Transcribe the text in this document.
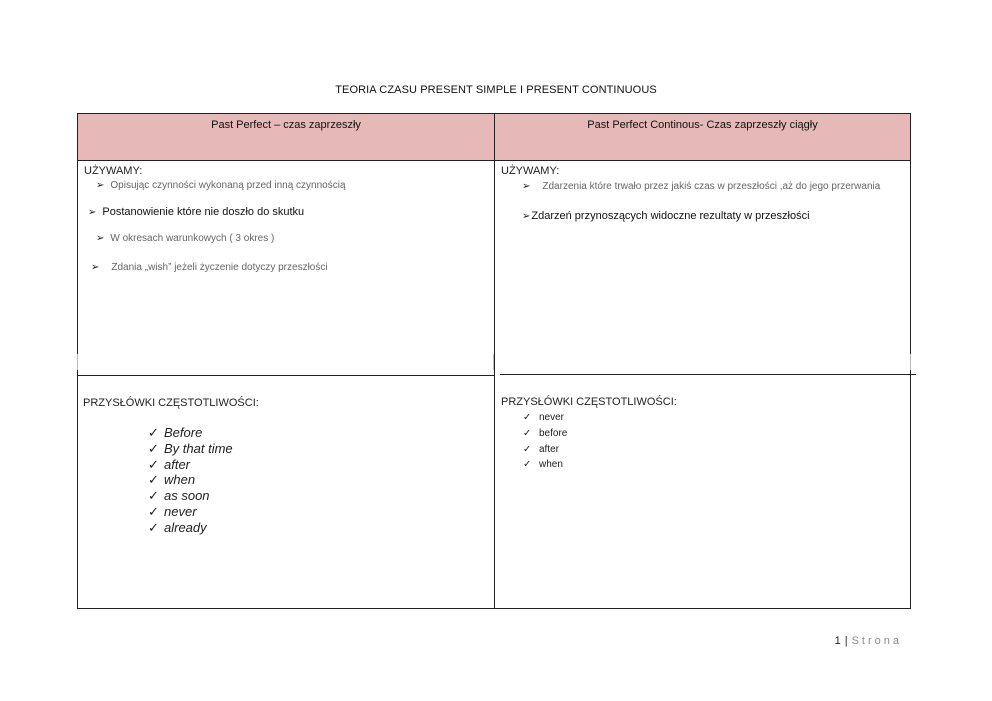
TEORIA CZASU PRESENT SIMPLE I PRESENT CONTINUOUS
Past Perfect – czas zaprzeszły	Past Perfect Continous- Czas zaprzeszły ciągły
UŻYWAMY:
➢ Opisując czynności wykonaną przed inną czynnością
➢ Postanowienie które nie doszło do skutku
➢ W okresach warunkowych ( 3 okres )
➢ Zdania „wish” jeżeli życzenie dotyczy przeszłości
UŻYWAMY:
➢ Zdarzenia które trwało przez jakiś czas w przeszłości ,aż do jego przerwania
➢ Zdarzeń przynoszących widoczne rezultaty w przeszłości
PRZYSŁÓWKI CZĘSTOTLIWOŚCI:
✓ Before
✓ By that time
✓ after
✓ when
✓ as soon
✓ never
✓ already
PRZYSŁÓWKI CZĘSTOTLIWOŚCI:
✓ never
✓ before
✓ after
✓ when
1 | Strona
